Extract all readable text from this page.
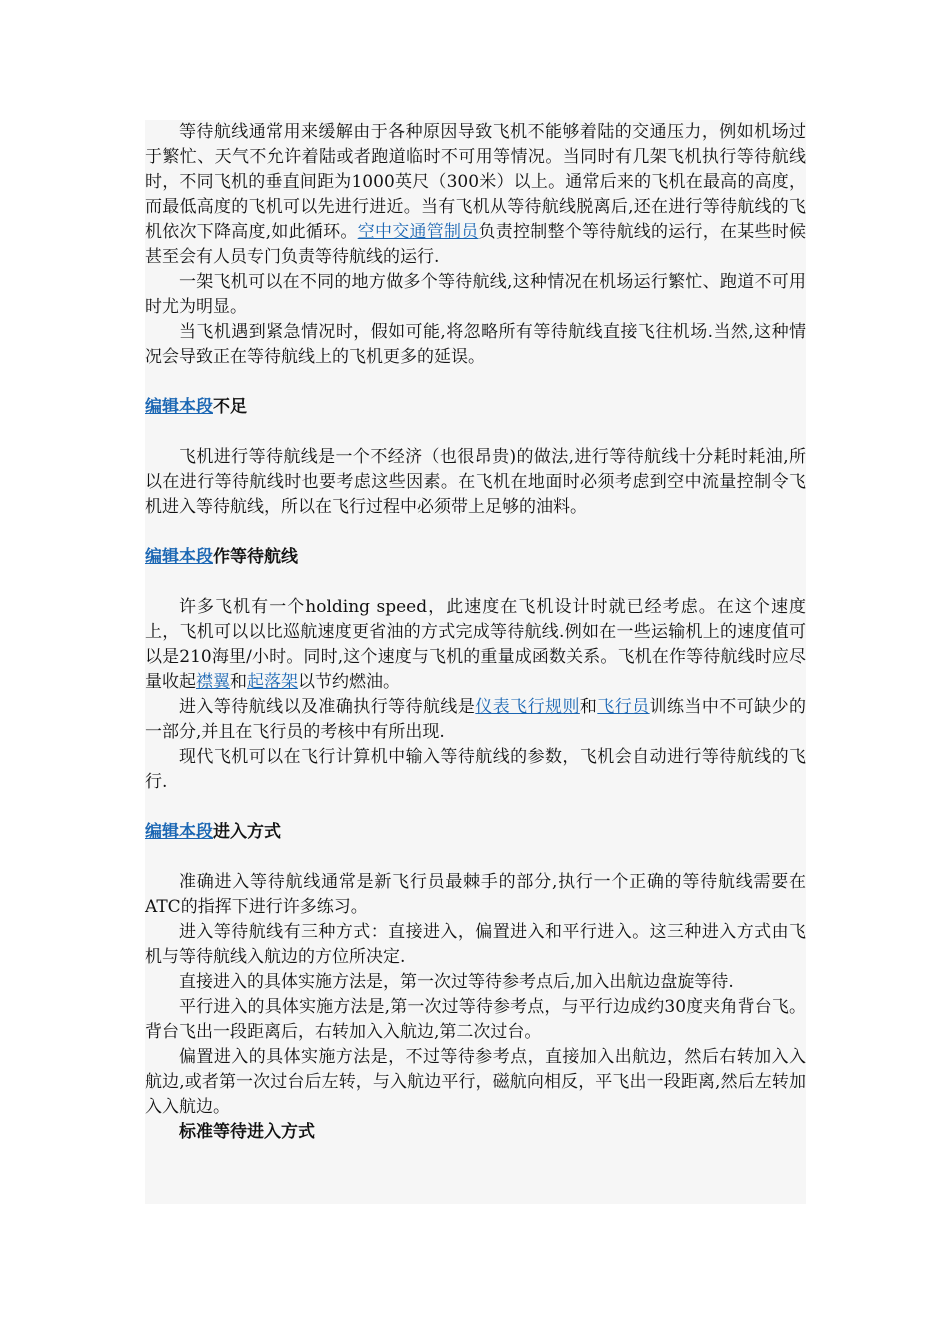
等待航线通常用来缓解由于各种原因导致飞机不能够着陆的交通压力，例如机场过于繁忙、天气不允许着陆或者跑道临时不可用等情况。当同时有几架飞机执行等待航线时，不同飞机的垂直间距为1000英尺（300米）以上。通常后来的飞机在最高的高度，而最低高度的飞机可以先进行进近。当有飞机从等待航线脱离后,还在进行等待航线的飞机依次下降高度,如此循环。空中交通管制员负责控制整个等待航线的运行，在某些时候甚至会有人员专门负责等待航线的运行.

一架飞机可以在不同的地方做多个等待航线,这种情况在机场运行繁忙、跑道不可用时尤为明显。

当飞机遇到紧急情况时，假如可能,将忽略所有等待航线直接飞往机场.当然,这种情况会导致正在等待航线上的飞机更多的延误。

编辑本段不足

飞机进行等待航线是一个不经济（也很昂贵)的做法,进行等待航线十分耗时耗油,所以在进行等待航线时也要考虑这些因素。在飞机在地面时必须考虑到空中流量控制令飞机进入等待航线，所以在飞行过程中必须带上足够的油料。

编辑本段作等待航线

许多飞机有一个holding speed，此速度在飞机设计时就已经考虑。在这个速度上，飞机可以以比巡航速度更省油的方式完成等待航线.例如在一些运输机上的速度值可以是210海里/小时。同时,这个速度与飞机的重量成函数关系。飞机在作等待航线时应尽量收起襟翼和起落架以节约燃油。

进入等待航线以及准确执行等待航线是仪表飞行规则和飞行员训练当中不可缺少的一部分,并且在飞行员的考核中有所出现.

现代飞机可以在飞行计算机中输入等待航线的参数，飞机会自动进行等待航线的飞行.

编辑本段进入方式

准确进入等待航线通常是新飞行员最棘手的部分,执行一个正确的等待航线需要在ATC的指挥下进行许多练习。

进入等待航线有三种方式：直接进入，偏置进入和平行进入。这三种进入方式由飞机与等待航线入航边的方位所决定.

直接进入的具体实施方法是，第一次过等待参考点后,加入出航边盘旋等待.

平行进入的具体实施方法是,第一次过等待参考点，与平行边成约30度夹角背台飞。背台飞出一段距离后，右转加入入航边,第二次过台。

偏置进入的具体实施方法是，不过等待参考点，直接加入出航边，然后右转加入入航边,或者第一次过台后左转，与入航边平行，磁航向相反，平飞出一段距离,然后左转加入入航边。

标准等待进入方式
